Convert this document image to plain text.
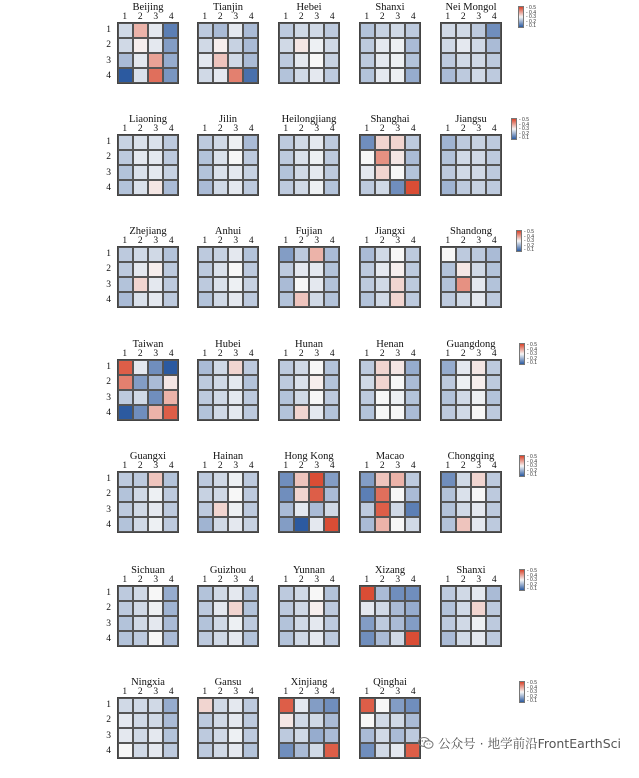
Beijing
1	2	3	4
1
2
3
4
Tianjin
1	2	3	4
Hebei
1	2	3	4
Shanxi
1	2	3	4
Nei Mongol
1	2	3	4
Liaoning
1	2	3	4
1
2
3
4
Jilin
1	2	3	4
Heilongjiang
1	2	3	4
Shanghai
1	2	3	4
Jiangsu
1	2	3	4
Zhejiang
1	2	3	4
1
2
3
4
Anhui
1	2	3	4
Fujian
1	2	3	4
Jiangxi
1	2	3	4
Shandong
1	2	3	4
Taiwan
1	2	3	4
1
2
3
4
Hubei
1	2	3	4
Hunan
1	2	3	4
Henan
1	2	3	4
Guangdong
1	2	3	4
Guangxi
1	2	3	4
1
2
3
4
Hainan
1	2	3	4
Hong Kong
1	2	3	4
Macao
1	2	3	4
Chongqing
1	2	3	4
Sichuan
1	2	3	4
1
2
3
4
Guizhou
1	2	3	4
Yunnan
1	2	3	4
Xizang
1	2	3	4
Shanxi
1	2	3	4
Ningxia
1	2	3	4
1
2
3
4
Gansu
1	2	3	4
Xinjiang
1	2	3	4
Qinghai
1	2	3	4
- 0.5
- 0.4
- 0.3
- 0.2
- 0.1
- 0.5
- 0.4
- 0.3
- 0.2
- 0.1
- 0.5
- 0.4
- 0.3
- 0.2
- 0.1
- 0.5
- 0.4
- 0.3
- 0.2
- 0.1
- 0.5
- 0.4
- 0.3
- 0.2
- 0.1
- 0.5
- 0.4
- 0.3
- 0.2
- 0.1
- 0.5
- 0.4
- 0.3
- 0.2
- 0.1
公众号 · 地学前沿FrontEarthSci
